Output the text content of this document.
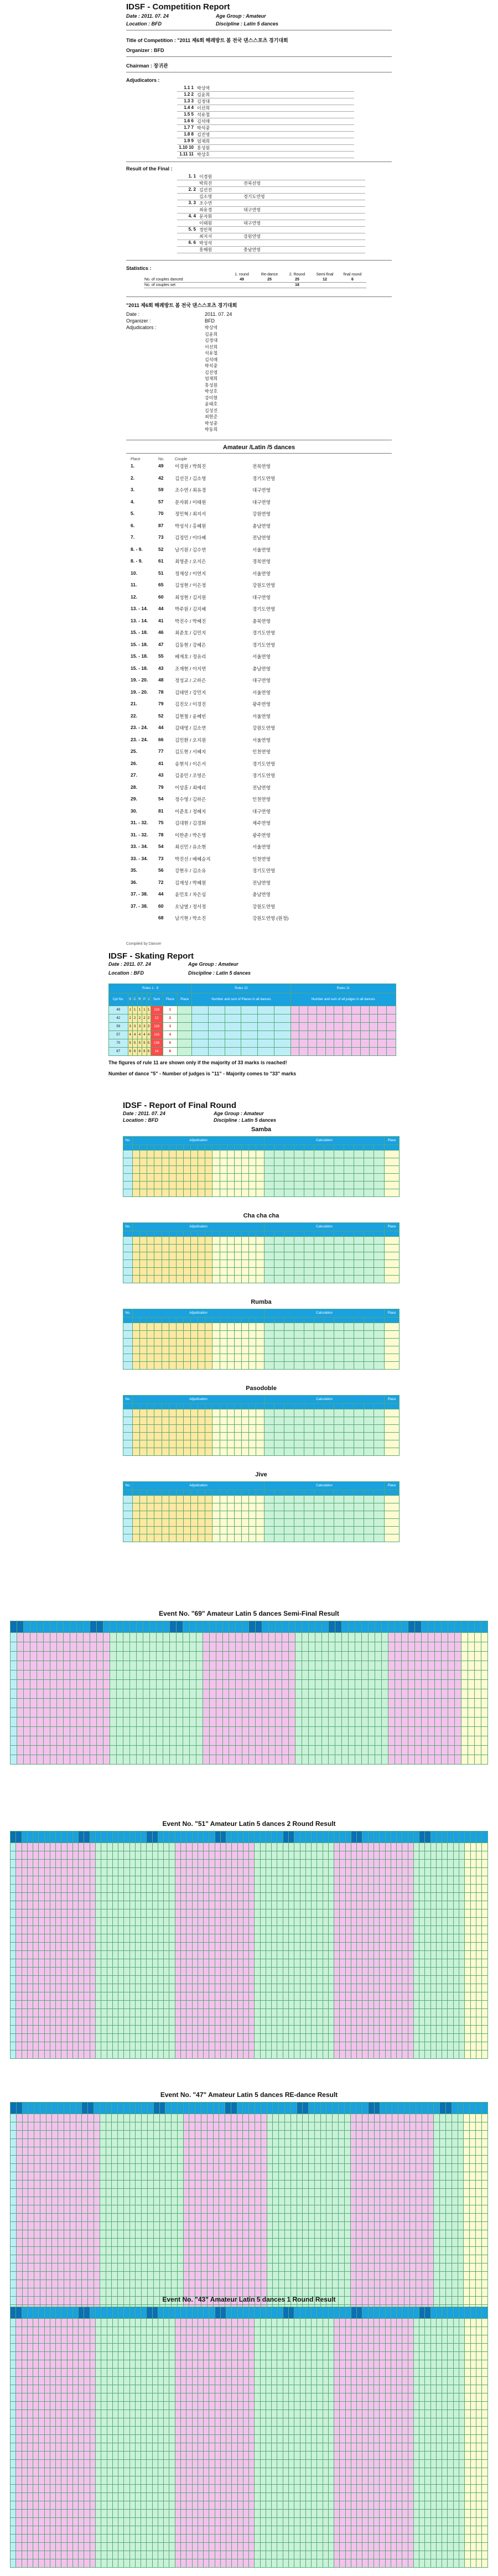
IDSF - Competition Report
Date : 2011. 07. 24	Age Group : Amateur
Location : BFD	Discipline : Latin 5 dances
Title of Competition : "2011 제6회 해례방트 봄 전국 댄스스포츠 경기대회
Organizer : BFD
Chairman : 장귀관
Adjudicators :
1.1 1 박상역
1.2 2 김윤희
1.3 3 김정대
1.4 4 이선희
1.5 5 석유철
1.6 6 김석매
1.7 7 박석중
1.8 8 김진영
1.9 9 엄재희
1.10 10 홍성원
1.11 11 박상호
Result of the Final :
1. 1 이경원
박희진	전북선영
2. 2 김선진
김소영	경기도연영
3. 3 조수연
최유경	대구연영
4. 4 문자휘
이태원	대구연영
5. 5 정민혁
최지서	강원연영
6. 6 박성석
홍혜원	충남연영
Statistics :
	1. round	Re-dance	2. Round	Semi-final	final round
No. of couples danced	49	25	25	12	6
No. of couples set			18		
"2011 제6회 해례방트 봄 전국 댄스스포츠 경기대회
Date :	2011. 07. 24
Organizer :	BFD
Adjudicators :	박상역
김윤희
김정대
이선희
석유철
김석매
박석중
김진영
엄재희
홍성원
박상호
강미현
윤태호
김성진
최현준
박성중
박동희
Amateur /Latin /5 dances
Place	No.	Couple
1.	49	이경원 / 박희진	전북연영
2.	42	김선진 / 김소영	경기도연영
3.	59	조수연 / 최유경	대구연영
4.	57	문자휘 / 이태원	대구연영
5.	70	정민혁 / 최지서	강원연영
6.	87	박성석 / 홍혜원	충남연영
7.	73	김정민 / 이다혜	전남연영
8. - 9.	52	남기원 / 김수연	서울연영
8. - 9.	61	최영준 / 오지은	경북연영
10.	51	정재상 / 이연지	서울연영
11.	65	김성현 / 이은정	강원도연영
12.	60	최성현 / 김지원	대구연영
13. - 14.	44	박주원 / 김지혜	경기도연영
13. - 14.	41	박진수 / 박혜진	충북연영
15. - 18.	46	최준호 / 김민지	경기도연영
15. - 18.	47	김동현 / 강혜은	경기도연영
15. - 18.	55	배재호 / 정유리	서울연영
15. - 18.	43	조재현 / 이지연	충남연영
19. - 20.	48	정성교 / 고하은	대구연영
19. - 20.	78	김태연 / 강민지	서울연영
21.	79	김진모 / 이경진	광주연영
22.	52	김현철 / 윤혜빈	서울연영
23. - 24.	44	김태영 / 김소연	강원도연영
23. - 24.	66	김민환 / 오지원	서울연영
25.	77	김도현 / 서혜지	인천연영
26.	41	송현석 / 이은서	경기도연영
27.	43	김종민 / 조영은	경기도연영
28.	79	이상훈 / 최예리	전남연영
29.	54	정수영 / 김하은	인천연영
30.	81	이준호 / 정혜지	대구연영
31. - 32.	75	김대현 / 김경화	제주연영
31. - 32.	78	이한준 / 박은영	광주연영
33. - 34.	54	최신민 / 유소현	서울연영
33. - 34.	73	박진선 / 배혜승지	인천연영
35.	56	강현우 / 김소유	경기도연영
36.	72	김재성 / 박혜원	전남연영
37. - 38.	44	윤민호 / 차은심	충남연영
37. - 38.	60	오남열 / 정서정	강원도연영
68	남기현 / 박소진	강원도연영 (원정)
Compiled by Dancer
IDSF - Skating Report
Date : 2011. 07. 24	Age Group : Amateur
Location : BFD	Discipline : Latin 5 dances
Rules 1 - 9									Rules 10						Rules 11											
Cpl No.	S	C	R	P	J	Sum	Place	Place	Number and sum of Places in all dances						Number and sum of all judges in all dances											
49	1	1	1	1	1	118	1																			
42	2	2	2	2	2	12	2																			
59	3	3	3	3	3	116	3																			
57	4	4	4	4	4	116	4																			
70	5	5	5	5	5	136	5																			
87	6	6	6	6	6	14	6																			
The figures of rule 11 are shown only if the majority of 33 marks is reached!
Number of dance "5" - Number of judges is "11" - Majority comes to "33" marks
IDSF - Report of Final Round
Date : 2011. 07. 24	Age Group : Amateur
Location : BFD	Discipline : Latin 5 dances
Samba
No.	Adjudication																		Calculation												Place

Cha cha cha
No.	Adjudication																		Calculation												Place

Rumba
No.	Adjudication																		Calculation												Place

Pasodoble
No.	Adjudication																		Calculation												Place

Jive
No.	Adjudication																		Calculation												Place

Event No. "69" Amateur Latin 5 dances Semi-Final Result

Event No. "51" Amateur Latin 5 dances 2 Round Result

Event No. "47" Amateur Latin 5 dances RE-dance Result

Event No. "43" Amateur Latin 5 dances 1 Round Result
